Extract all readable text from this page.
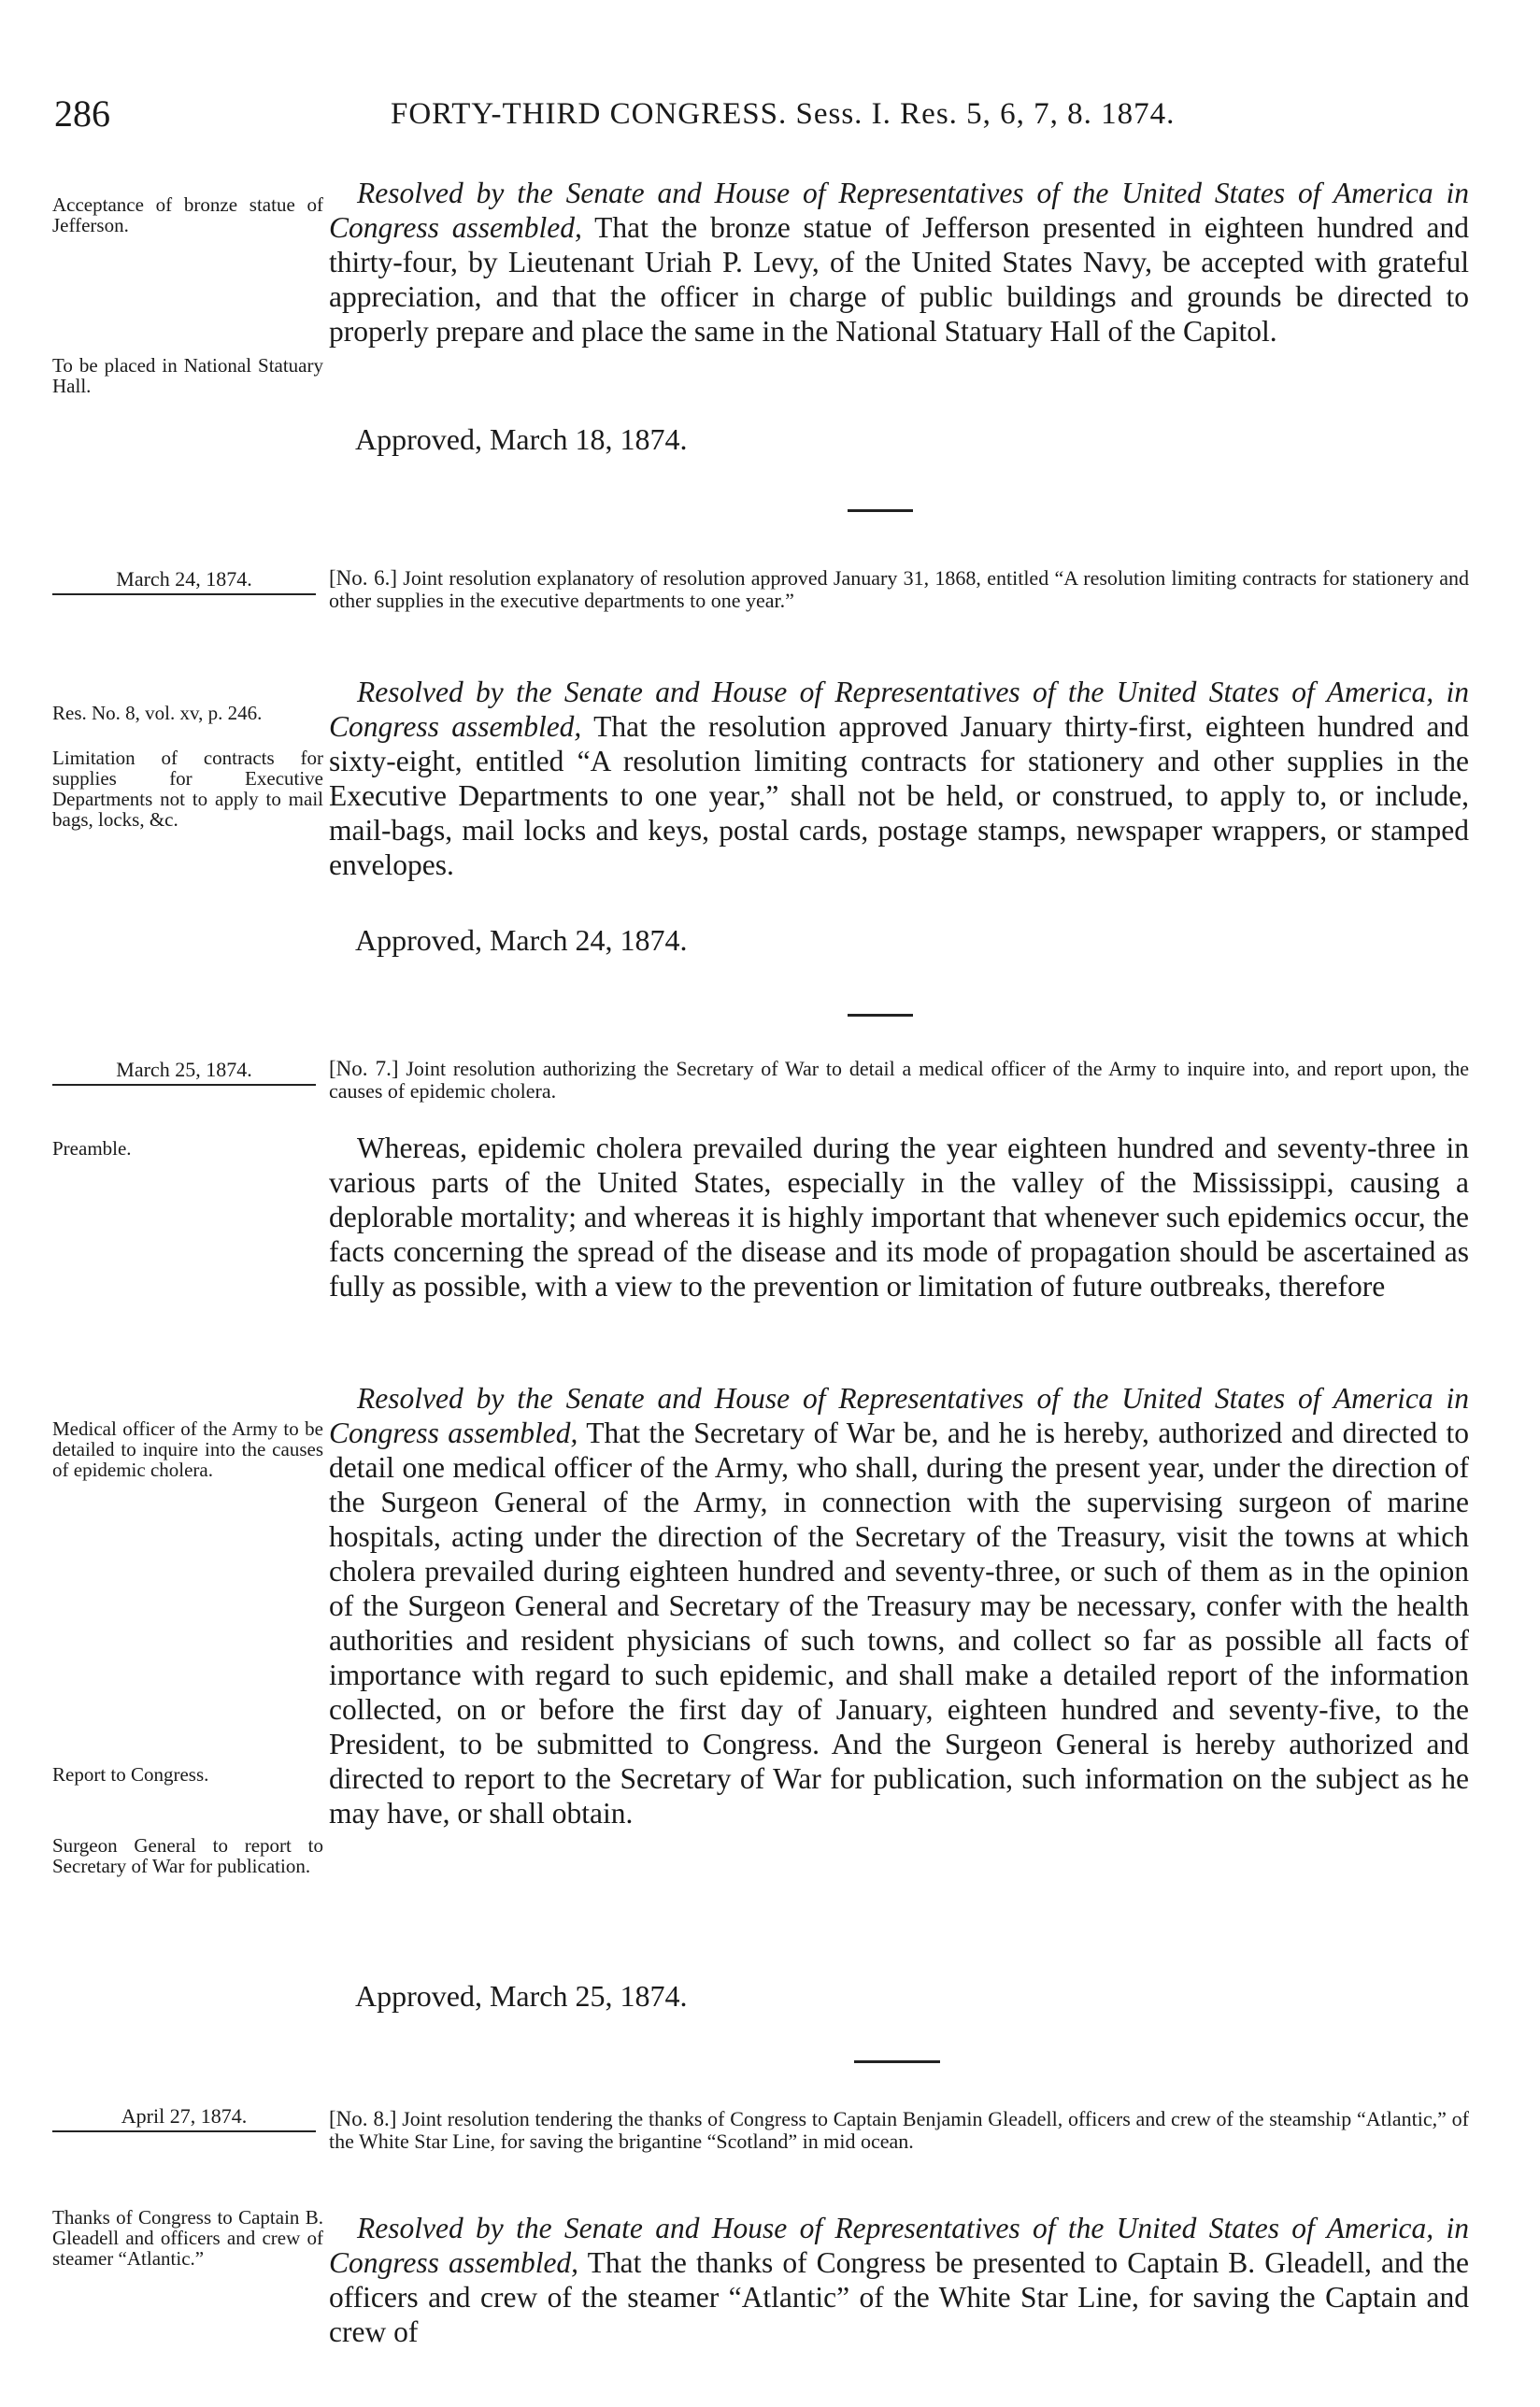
286	FORTY-THIRD CONGRESS. Sess. I. Res. 5, 6, 7, 8. 1874.
Acceptance of bronze statue of Jefferson.
To be placed in National Statuary Hall.

Resolved by the Senate and House of Representatives of the United States of America in Congress assembled, That the bronze statue of Jefferson presented in eighteen hundred and thirty-four, by Lieutenant Uriah P. Levy, of the United States Navy, be accepted with grateful appreciation, and that the officer in charge of public buildings and grounds be directed to properly prepare and place the same in the National Statuary Hall of the Capitol.

Approved, March 18, 1874.
March 24, 1874.	[No. 6.] Joint resolution explanatory of resolution approved January 31, 1868, entitled “A resolution limiting contracts for stationery and other supplies in the executive departments to one year.”
Res. No. 8, vol. xv, p. 246.
Limitation of contracts for supplies for Executive Departments not to apply to mail bags, locks, &c.

Resolved by the Senate and House of Representatives of the United States of America, in Congress assembled, That the resolution approved January thirty-first, eighteen hundred and sixty-eight, entitled “A resolution limiting contracts for stationery and other supplies in the Executive Departments to one year,” shall not be held, or construed, to apply to, or include, mail-bags, mail locks and keys, postal cards, postage stamps, newspaper wrappers, or stamped envelopes.

Approved, March 24, 1874.
March 25, 1874.	[No. 7.] Joint resolution authorizing the Secretary of War to detail a medical officer of the Army to inquire into, and report upon, the causes of epidemic cholera.
Preamble.	Whereas, epidemic cholera prevailed during the year eighteen hundred and seventy-three in various parts of the United States, especially in the valley of the Mississippi, causing a deplorable mortality; and whereas it is highly important that whenever such epidemics occur, the facts concerning the spread of the disease and its mode of propagation should be ascertained as fully as possible, with a view to the prevention or limitation of future outbreaks, therefore

Medical officer of the Army to be detailed to inquire into the causes of epidemic cholera.
Report to Congress.
Surgeon General to report to Secretary of War for publication.

Resolved by the Senate and House of Representatives of the United States of America in Congress assembled, That the Secretary of War be, and he is hereby, authorized and directed to detail one medical officer of the Army, who shall, during the present year, under the direction of the Surgeon General of the Army, in connection with the supervising surgeon of marine hospitals, acting under the direction of the Secretary of the Treasury, visit the towns at which cholera prevailed during eighteen hundred and seventy-three, or such of them as in the opinion of the Surgeon General and Secretary of the Treasury may be necessary, confer with the health authorities and resident physicians of such towns, and collect so far as possible all facts of importance with regard to such epidemic, and shall make a detailed report of the information collected, on or before the first day of January, eighteen hundred and seventy-five, to the President, to be submitted to Congress. And the Surgeon General is hereby authorized and directed to report to the Secretary of War for publication, such information on the subject as he may have, or shall obtain.

Approved, March 25, 1874.
April 27, 1874.	[No. 8.] Joint resolution tendering the thanks of Congress to Captain Benjamin Gleadell, officers and crew of the steamship “Atlantic,” of the White Star Line, for saving the brigantine “Scotland” in mid ocean.
Thanks of Congress to Captain B. Gleadell and officers and crew of steamer “Atlantic.”

Resolved by the Senate and House of Representatives of the United States of America, in Congress assembled, That the thanks of Congress be presented to Captain B. Gleadell, and the officers and crew of the steamer “Atlantic” of the White Star Line, for saving the Captain and crew of
